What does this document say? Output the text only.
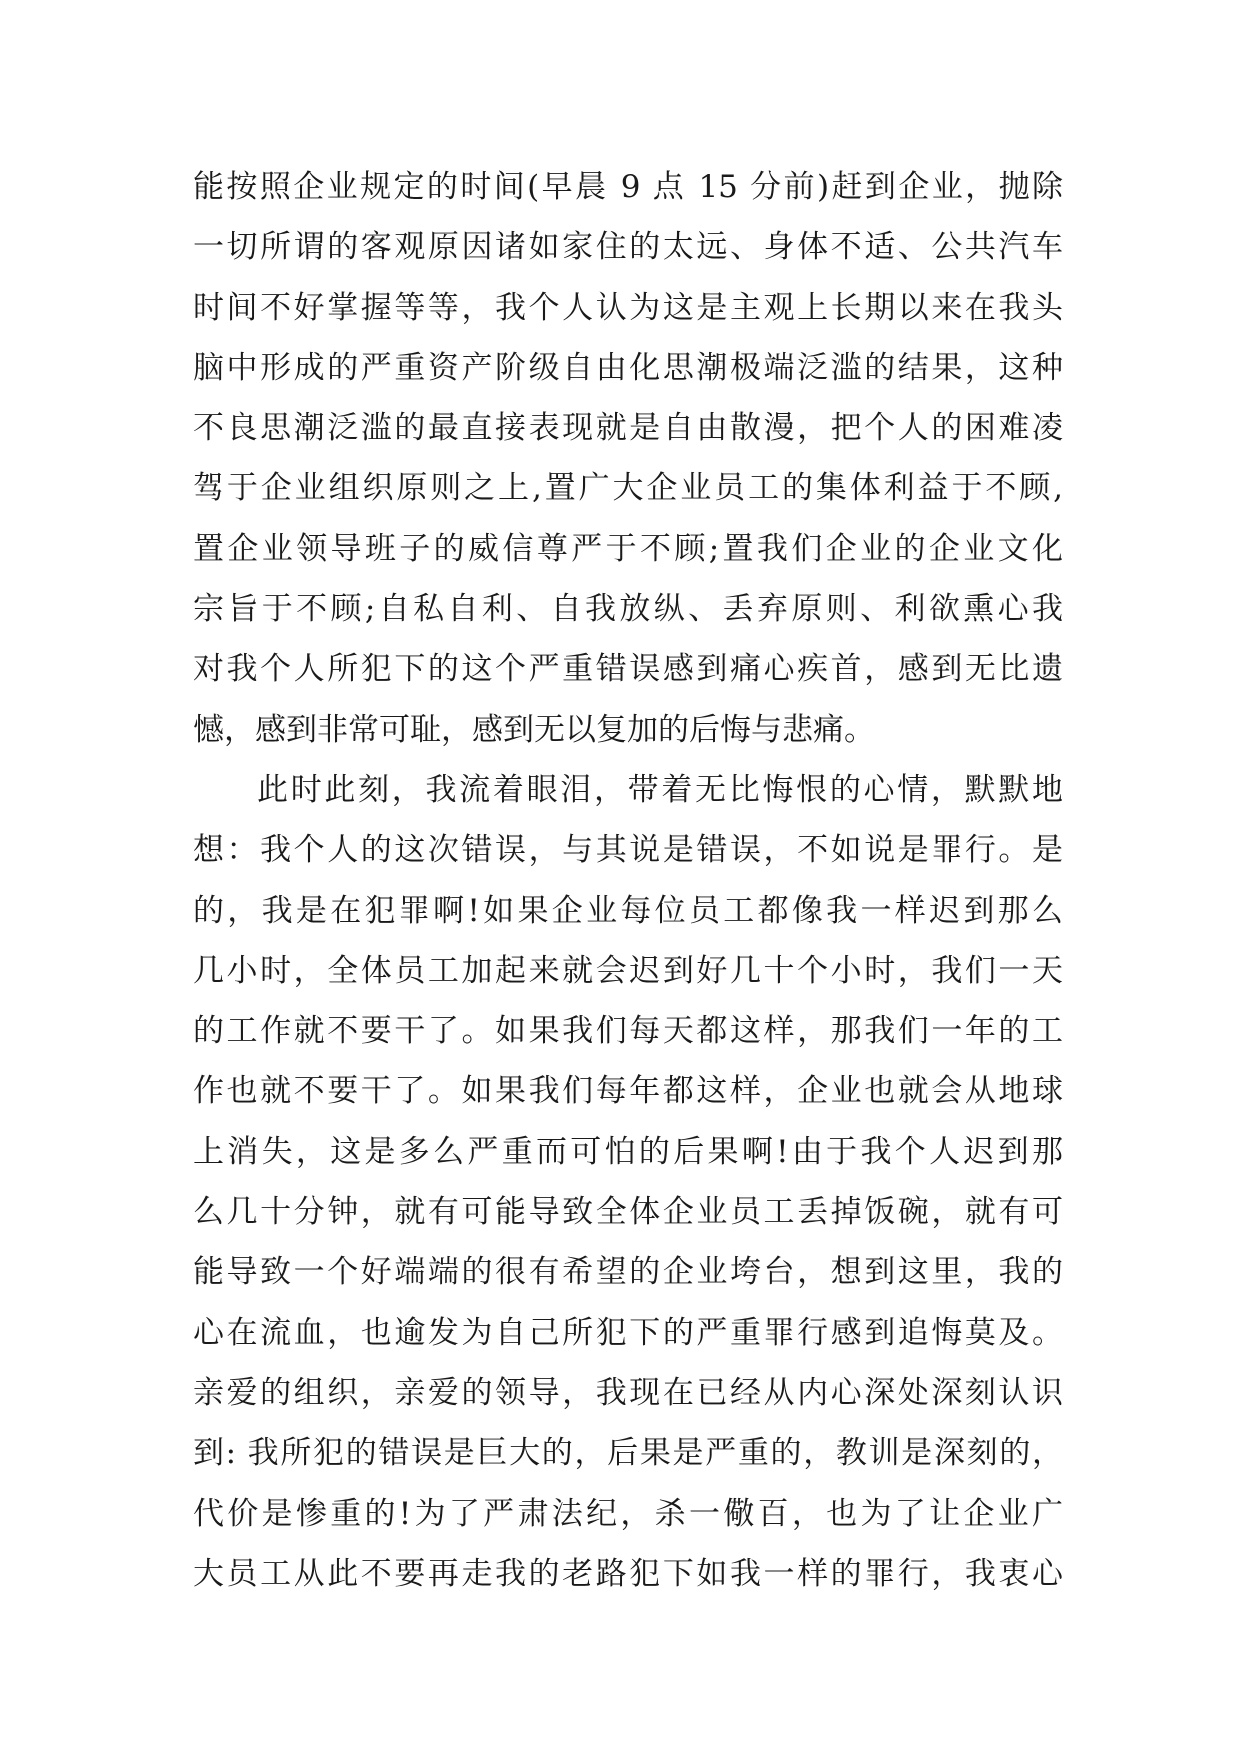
能按照企业规定的时间(早晨 9 点 15 分前)赶到企业，抛除
一切所谓的客观原因诸如家住的太远、身体不适、公共汽车
时间不好掌握等等，我个人认为这是主观上长期以来在我头
脑中形成的严重资产阶级自由化思潮极端泛滥的结果，这种
不良思潮泛滥的最直接表现就是自由散漫，把个人的困难凌
驾于企业组织原则之上,置广大企业员工的集体利益于不顾,
置企业领导班子的威信尊严于不顾;置我们企业的企业文化
宗旨于不顾;自私自利、自我放纵、丢弃原则、利欲熏心我
对我个人所犯下的这个严重错误感到痛心疾首，感到无比遗
憾，感到非常可耻，感到无以复加的后悔与悲痛。
此时此刻，我流着眼泪，带着无比悔恨的心情，默默地
想：我个人的这次错误，与其说是错误，不如说是罪行。是
的，我是在犯罪啊!如果企业每位员工都像我一样迟到那么
几小时，全体员工加起来就会迟到好几十个小时，我们一天
的工作就不要干了。如果我们每天都这样，那我们一年的工
作也就不要干了。如果我们每年都这样，企业也就会从地球
上消失，这是多么严重而可怕的后果啊!由于我个人迟到那
么几十分钟，就有可能导致全体企业员工丢掉饭碗，就有可
能导致一个好端端的很有希望的企业垮台，想到这里，我的
心在流血，也逾发为自己所犯下的严重罪行感到追悔莫及。
亲爱的组织，亲爱的领导，我现在已经从内心深处深刻认识
到: 我所犯的错误是巨大的，后果是严重的，教训是深刻的，
代价是惨重的!为了严肃法纪，杀一儆百，也为了让企业广
大员工从此不要再走我的老路犯下如我一样的罪行，我衷心
